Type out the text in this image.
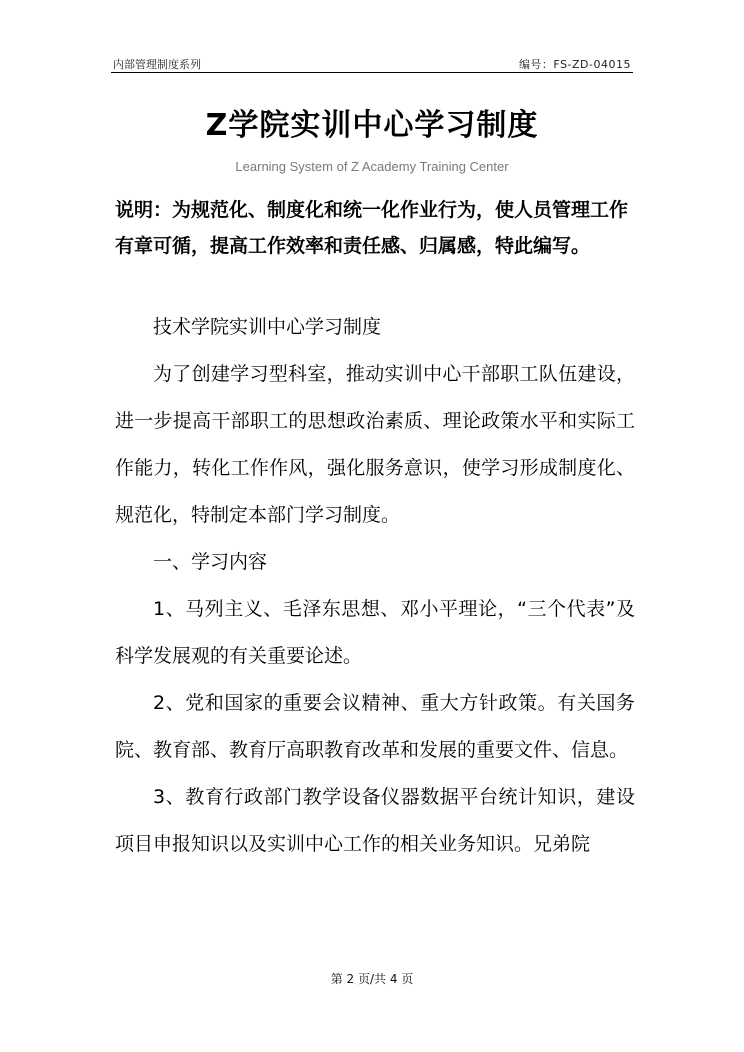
内部管理制度系列	编号：FS-ZD-04015
Z学院实训中心学习制度
Learning System of Z Academy Training Center
说明：为规范化、制度化和统一化作业行为，使人员管理工作有章可循，提高工作效率和责任感、归属感，特此编写。

技术学院实训中心学习制度

为了创建学习型科室，推动实训中心干部职工队伍建设，进一步提高干部职工的思想政治素质、理论政策水平和实际工作能力，转化工作作风，强化服务意识，使学习形成制度化、规范化，特制定本部门学习制度。

一、学习内容

1、马列主义、毛泽东思想、邓小平理论，“三个代表”及科学发展观的有关重要论述。

2、党和国家的重要会议精神、重大方针政策。有关国务院、教育部、教育厅高职教育改革和发展的重要文件、信息。

3、教育行政部门教学设备仪器数据平台统计知识，建设项目申报知识以及实训中心工作的相关业务知识。兄弟院

第 2 页/共 4 页
